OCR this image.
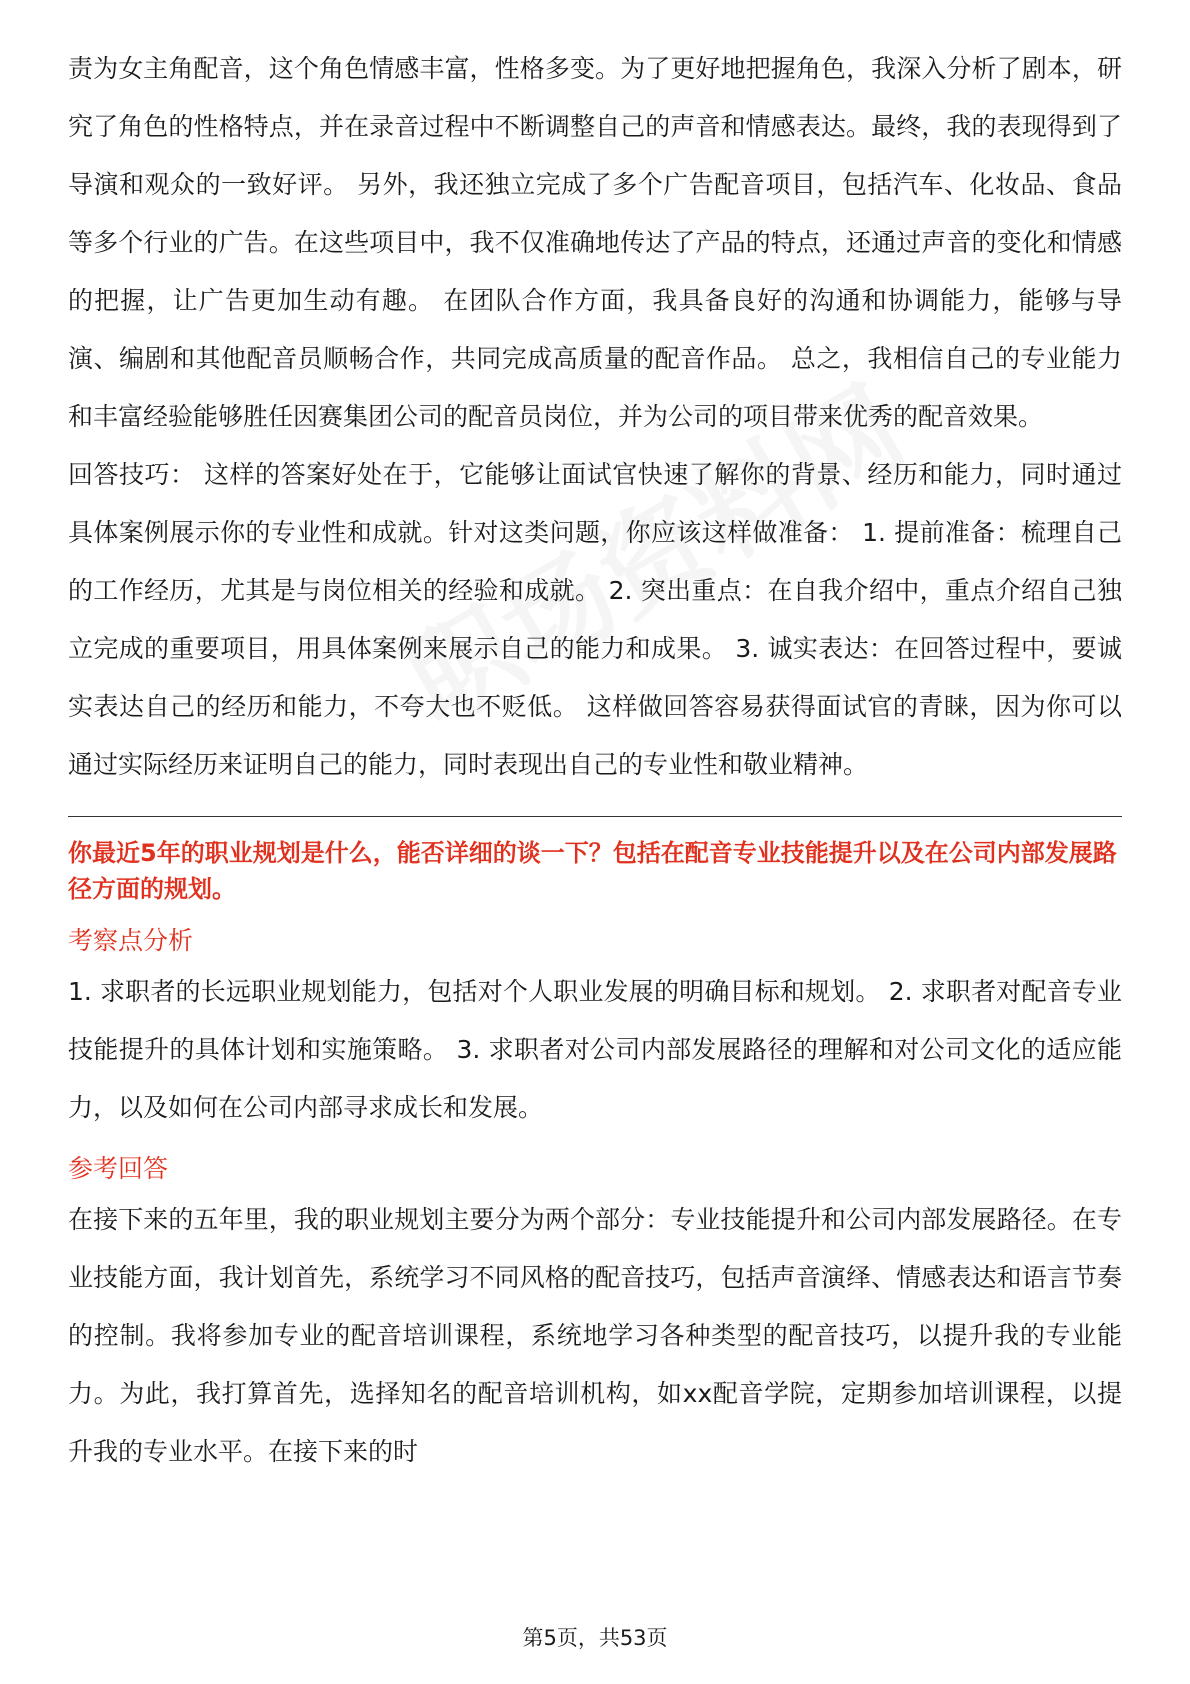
责为女主角配音，这个角色情感丰富，性格多变。为了更好地把握角色，我深入分析了剧本，研究了角色的性格特点，并在录音过程中不断调整自己的声音和情感表达。最终，我的表现得到了导演和观众的一致好评。 另外，我还独立完成了多个广告配音项目，包括汽车、化妆品、食品等多个行业的广告。在这些项目中，我不仅准确地传达了产品的特点，还通过声音的变化和情感的把握，让广告更加生动有趣。 在团队合作方面，我具备良好的沟通和协调能力，能够与导演、编剧和其他配音员顺畅合作，共同完成高质量的配音作品。 总之，我相信自己的专业能力和丰富经验能够胜任因赛集团公司的配音员岗位，并为公司的项目带来优秀的配音效果。

回答技巧： 这样的答案好处在于，它能够让面试官快速了解你的背景、经历和能力，同时通过具体案例展示你的专业性和成就。针对这类问题，你应该这样做准备： 1. 提前准备：梳理自己的工作经历，尤其是与岗位相关的经验和成就。 2. 突出重点：在自我介绍中，重点介绍自己独立完成的重要项目，用具体案例来展示自己的能力和成果。 3. 诚实表达：在回答过程中，要诚实表达自己的经历和能力，不夸大也不贬低。 这样做回答容易获得面试官的青睐，因为你可以通过实际经历来证明自己的能力，同时表现出自己的专业性和敬业精神。

你最近5年的职业规划是什么，能否详细的谈一下？包括在配音专业技能提升以及在公司内部发展路径方面的规划。

考察点分析

1. 求职者的长远职业规划能力，包括对个人职业发展的明确目标和规划。 2. 求职者对配音专业技能提升的具体计划和实施策略。 3. 求职者对公司内部发展路径的理解和对公司文化的适应能力，以及如何在公司内部寻求成长和发展。

参考回答

在接下来的五年里，我的职业规划主要分为两个部分：专业技能提升和公司内部发展路径。在专业技能方面，我计划首先，系统学习不同风格的配音技巧，包括声音演绎、情感表达和语言节奏的控制。我将参加专业的配音培训课程，系统地学习各种类型的配音技巧，以提升我的专业能力。为此，我打算首先，选择知名的配音培训机构，如xx配音学院，定期参加培训课程，以提升我的专业水平。在接下来的时

第5页，共53页
